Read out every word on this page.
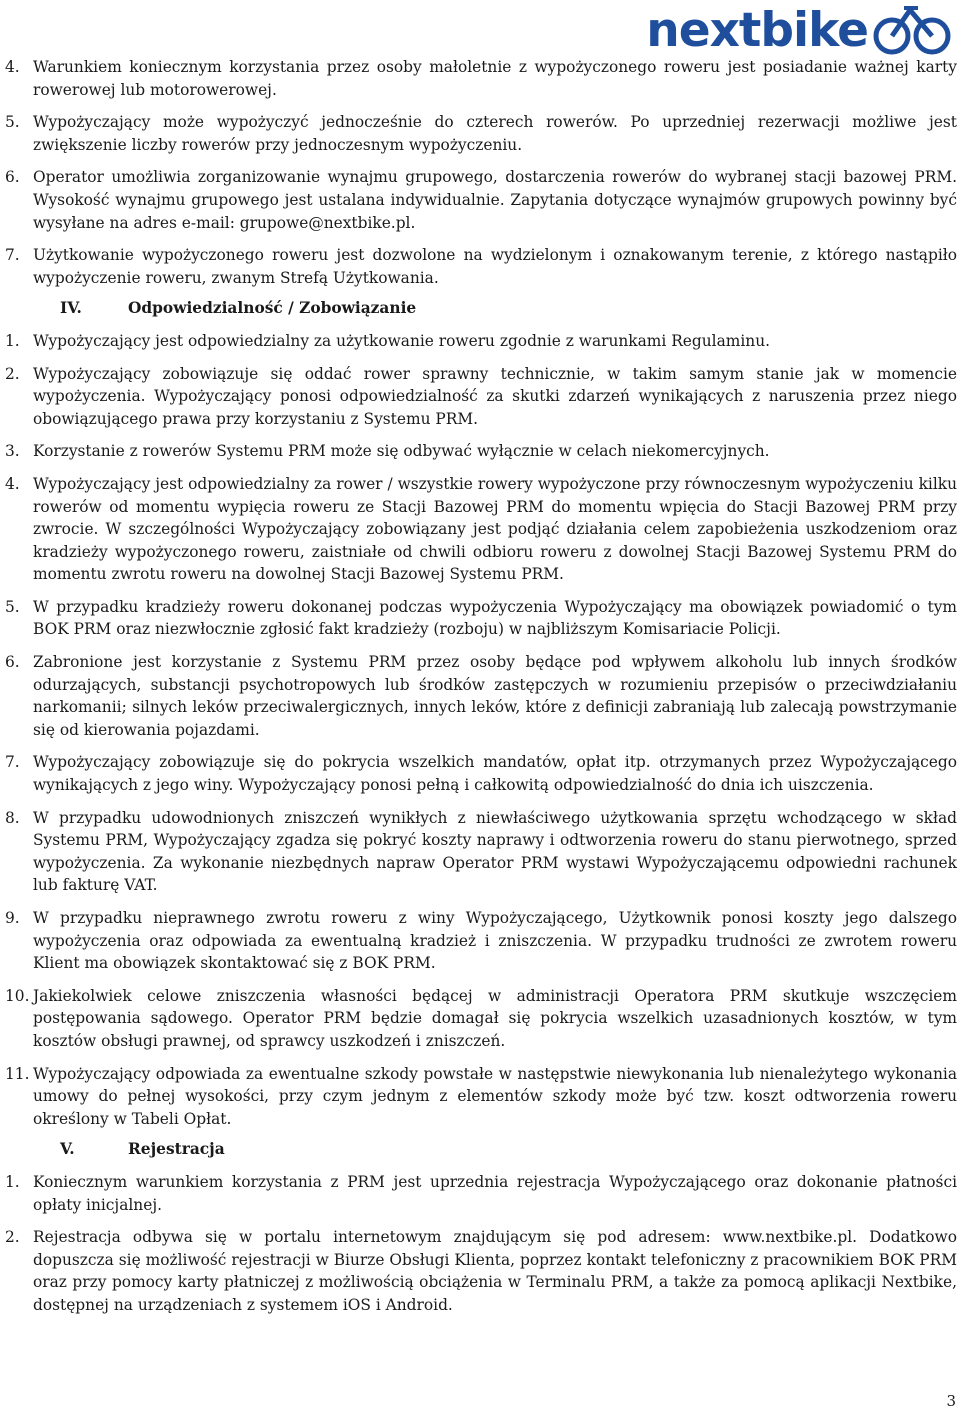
nextbike
4. Warunkiem koniecznym korzystania przez osoby małoletnie z wypożyczonego roweru jest posiadanie ważnej karty rowerowej lub motorowerowej.
5. Wypożyczający może wypożyczyć jednocześnie do czterech rowerów. Po uprzedniej rezerwacji możliwe jest zwiększenie liczby rowerów przy jednoczesnym wypożyczeniu.
6. Operator umożliwia zorganizowanie wynajmu grupowego, dostarczenia rowerów do wybranej stacji bazowej PRM. Wysokość wynajmu grupowego jest ustalana indywidualnie. Zapytania dotyczące wynajmów grupowych powinny być wysyłane na adres e-mail: grupowe@nextbike.pl.
7. Użytkowanie wypożyczonego roweru jest dozwolone na wydzielonym i oznakowanym terenie, z którego nastąpiło wypożyczenie roweru, zwanym Strefą Użytkowania.
IV.	Odpowiedzialność / Zobowiązanie
1. Wypożyczający jest odpowiedzialny za użytkowanie roweru zgodnie z warunkami Regulaminu.
2. Wypożyczający zobowiązuje się oddać rower sprawny technicznie, w takim samym stanie jak w momencie wypożyczenia. Wypożyczający ponosi odpowiedzialność za skutki zdarzeń wynikających z naruszenia przez niego obowiązującego prawa przy korzystaniu z Systemu PRM.
3. Korzystanie z rowerów Systemu PRM może się odbywać wyłącznie w celach niekomercyjnych.
4. Wypożyczający jest odpowiedzialny za rower / wszystkie rowery wypożyczone przy równoczesnym wypożyczeniu kilku rowerów od momentu wypięcia roweru ze Stacji Bazowej PRM do momentu wpięcia do Stacji Bazowej PRM przy zwrocie. W szczególności Wypożyczający zobowiązany jest podjąć działania celem zapobieżenia uszkodzeniom oraz kradzieży wypożyczonego roweru, zaistniałe od chwili odbioru roweru z dowolnej Stacji Bazowej Systemu PRM do momentu zwrotu roweru na dowolnej Stacji Bazowej Systemu PRM.
5. W przypadku kradzieży roweru dokonanej podczas wypożyczenia Wypożyczający ma obowiązek powiadomić o tym BOK PRM oraz niezwłocznie zgłosić fakt kradzieży (rozboju) w najbliższym Komisariacie Policji.
6. Zabronione jest korzystanie z Systemu PRM przez osoby będące pod wpływem alkoholu lub innych środków odurzających, substancji psychotropowych lub środków zastępczych w rozumieniu przepisów o przeciwdziałaniu narkomanii; silnych leków przeciwalergicznych, innych leków, które z definicji zabraniają lub zalecają powstrzymanie się od kierowania pojazdami.
7. Wypożyczający zobowiązuje się do pokrycia wszelkich mandatów, opłat itp. otrzymanych przez Wypożyczającego wynikających z jego winy. Wypożyczający ponosi pełną i całkowitą odpowiedzialność do dnia ich uiszczenia.
8. W przypadku udowodnionych zniszczeń wynikłych z niewłaściwego użytkowania sprzętu wchodzącego w skład Systemu PRM, Wypożyczający zgadza się pokryć koszty naprawy i odtworzenia roweru do stanu pierwotnego, sprzed wypożyczenia. Za wykonanie niezbędnych napraw Operator PRM wystawi Wypożyczającemu odpowiedni rachunek lub fakturę VAT.
9. W przypadku nieprawnego zwrotu roweru z winy Wypożyczającego, Użytkownik ponosi koszty jego dalszego wypożyczenia oraz odpowiada za ewentualną kradzież i zniszczenia. W przypadku trudności ze zwrotem roweru Klient ma obowiązek skontaktować się z BOK PRM.
10. Jakiekolwiek celowe zniszczenia własności będącej w administracji Operatora PRM skutkuje wszczęciem postępowania sądowego. Operator PRM będzie domagał się pokrycia wszelkich uzasadnionych kosztów, w tym kosztów obsługi prawnej, od sprawcy uszkodzeń i zniszczeń.
11. Wypożyczający odpowiada za ewentualne szkody powstałe w następstwie niewykonania lub nienależytego wykonania umowy do pełnej wysokości, przy czym jednym z elementów szkody może być tzw. koszt odtworzenia roweru określony w Tabeli Opłat.
V.	Rejestracja
1. Koniecznym warunkiem korzystania z PRM jest uprzednia rejestracja Wypożyczającego oraz dokonanie płatności opłaty inicjalnej.
2. Rejestracja odbywa się w portalu internetowym znajdującym się pod adresem: www.nextbike.pl. Dodatkowo dopuszcza się możliwość rejestracji w Biurze Obsługi Klienta, poprzez kontakt telefoniczny z pracownikiem BOK PRM oraz przy pomocy karty płatniczej z możliwością obciążenia w Terminalu PRM, a także za pomocą aplikacji Nextbike, dostępnej na urządzeniach z systemem iOS i Android.
3
